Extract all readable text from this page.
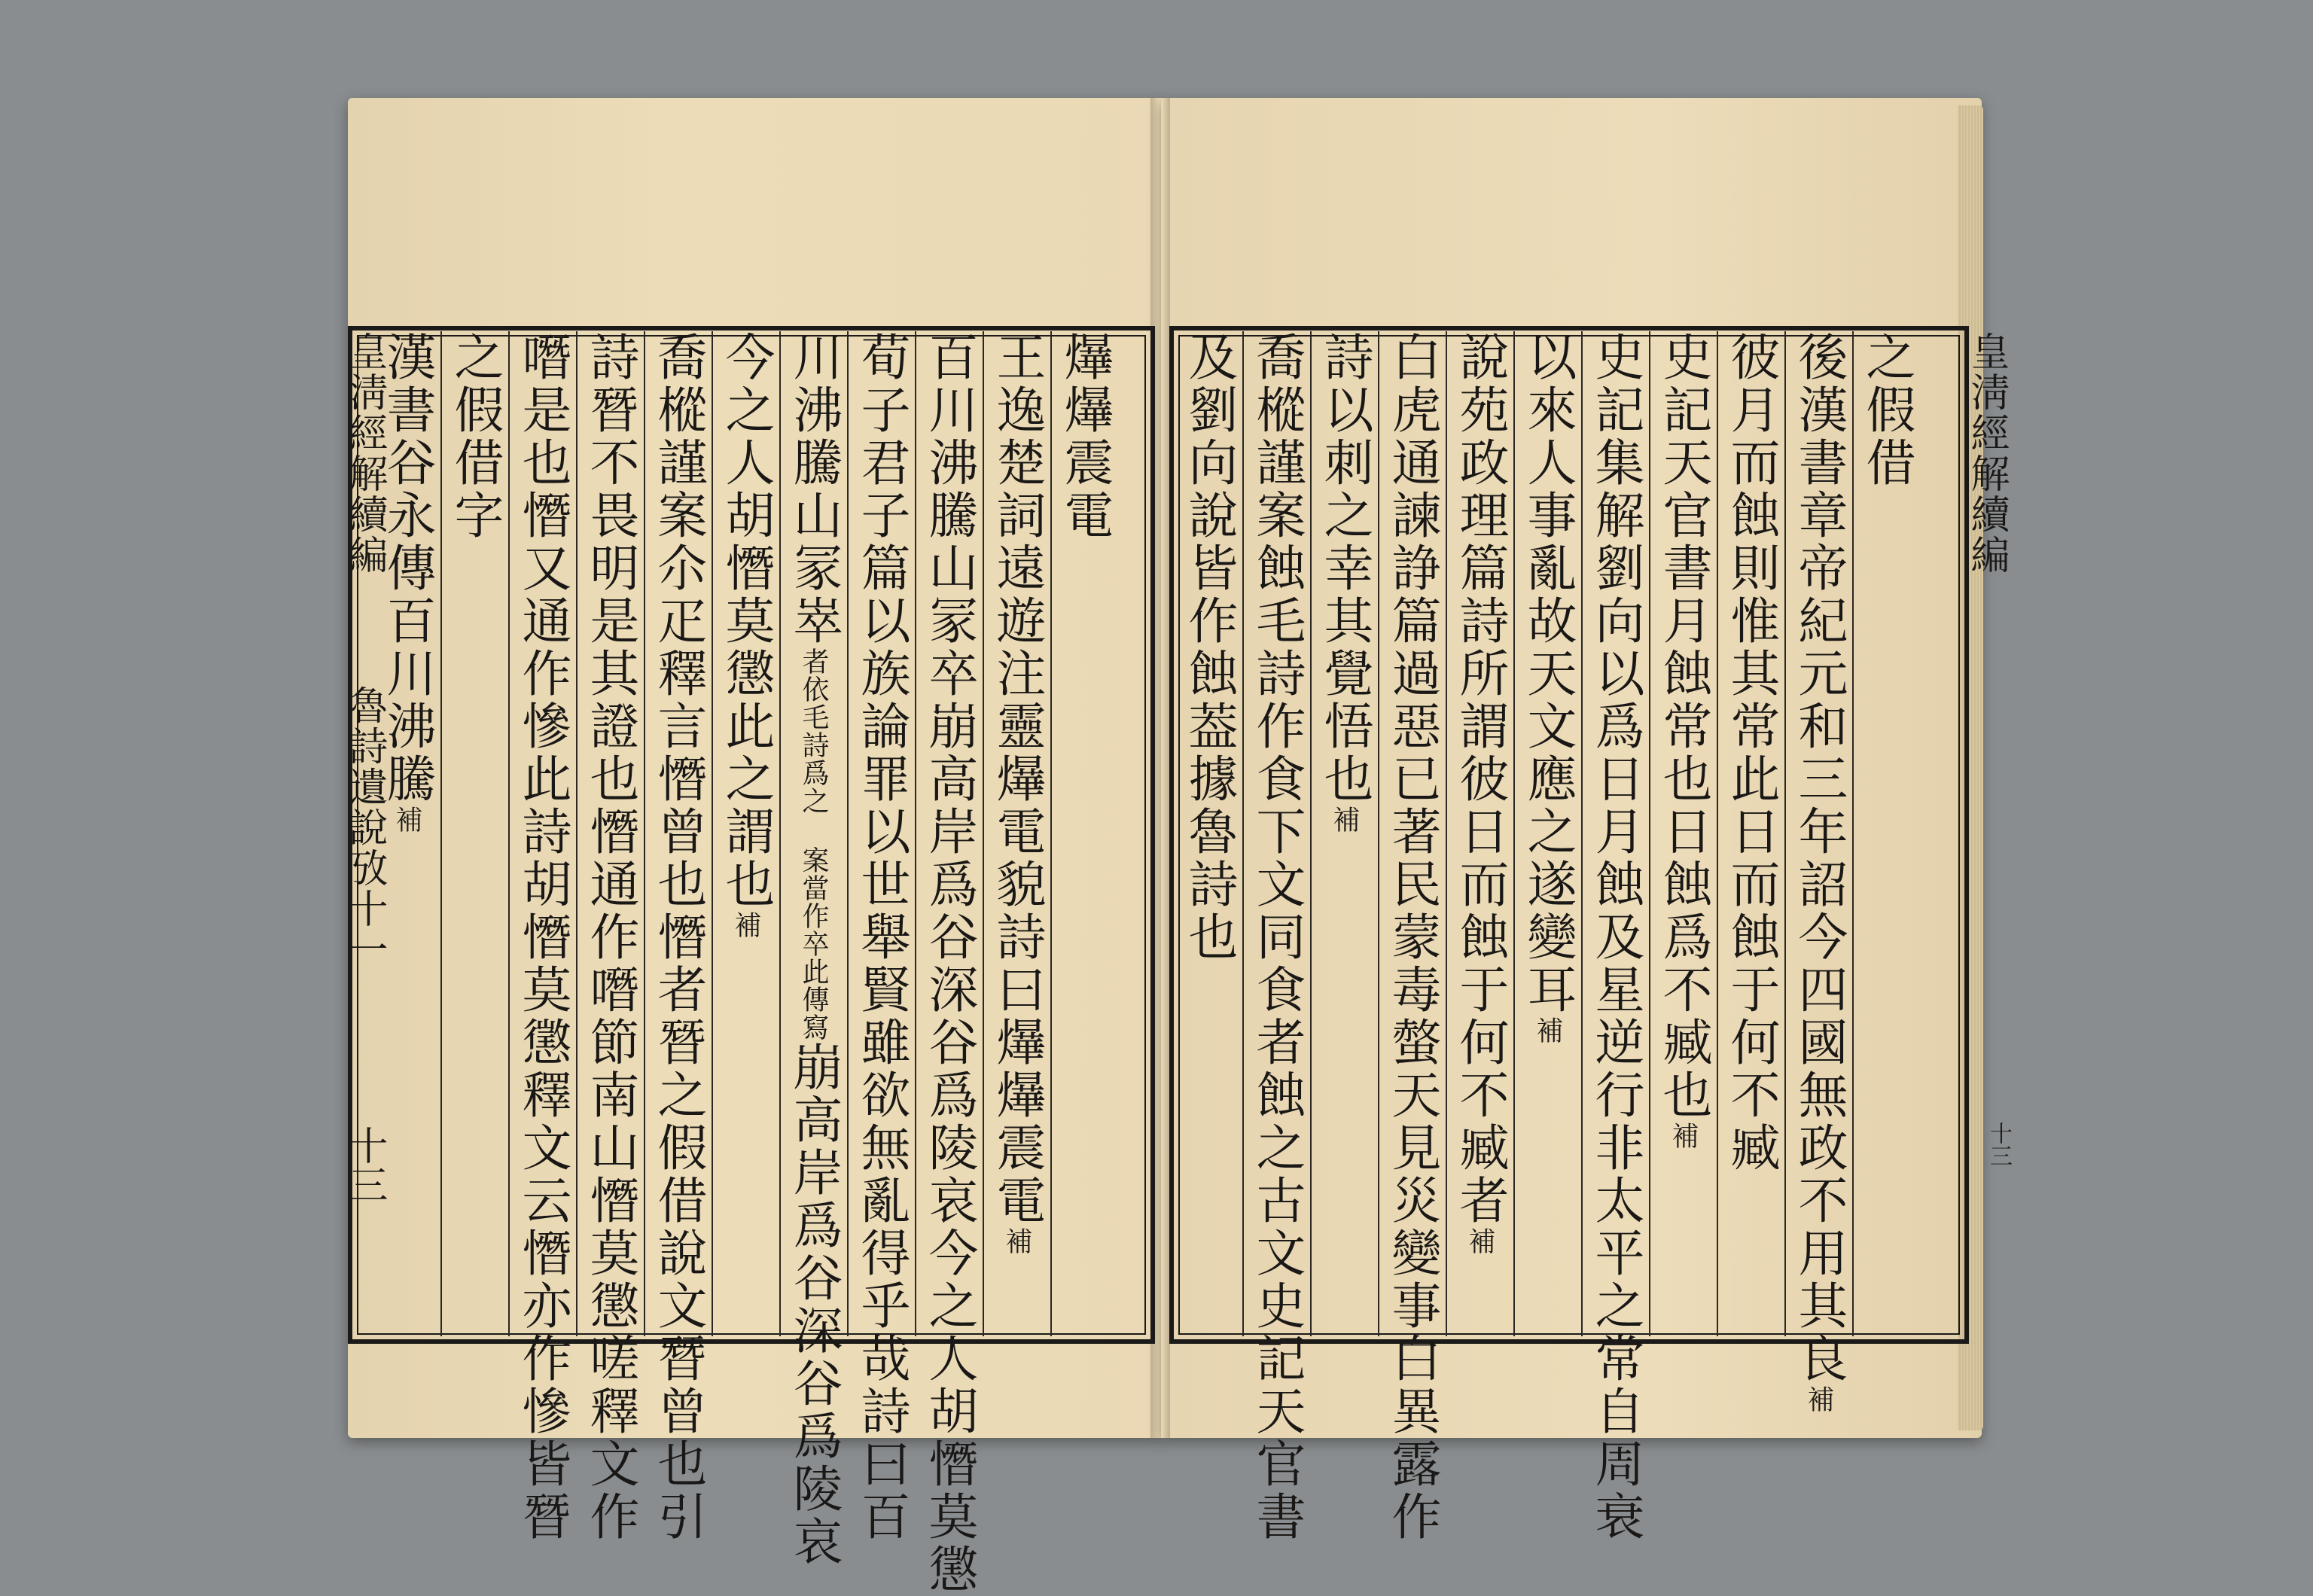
皇淸經解續編
魯詩遺說攷十一
十三
皇淸經解續編
十三
爗爗震電
王逸楚詞遠遊注靈爗電貌詩曰爗爗震電補
百川沸騰山冡卒崩高岸爲谷深谷爲陵哀今之人胡憯莫懲
荀子君子篇以族論罪以世舉賢雖欲無亂得乎哉詩曰百
川沸騰山冡崒者依毛詩爲之 案當作卒此傳寫崩高岸爲谷深谷爲陵哀
今之人胡憯莫懲此之謂也補
喬樅謹案尒疋釋言憯曾也憯者朁之假借說文朁曾也引
詩朁不畏明是其證也憯通作噆節南山憯莫懲嗟釋文作
噆是也憯又通作慘此詩胡憯莫懲釋文云憯亦作慘皆朁
之假借字
漢書谷永傳百川沸騰補
之假借
後漢書章帝紀元和三年詔今四國無政不用其良補
彼月而蝕則惟其常此日而蝕于何不臧
史記天官書月蝕常也日蝕爲不臧也補
史記集解劉向以爲日月蝕及星逆行非太平之常自周衰
以來人事亂故天文應之遂變耳補
說苑政理篇詩所謂彼日而蝕于何不臧者補
白虎通諫諍篇過惡已著民蒙毒螫天見災變事白異露作
詩以刺之幸其覺悟也補
喬樅謹案蝕毛詩作食下文同食者蝕之古文史記天官書
及劉向說皆作蝕葢據魯詩也
